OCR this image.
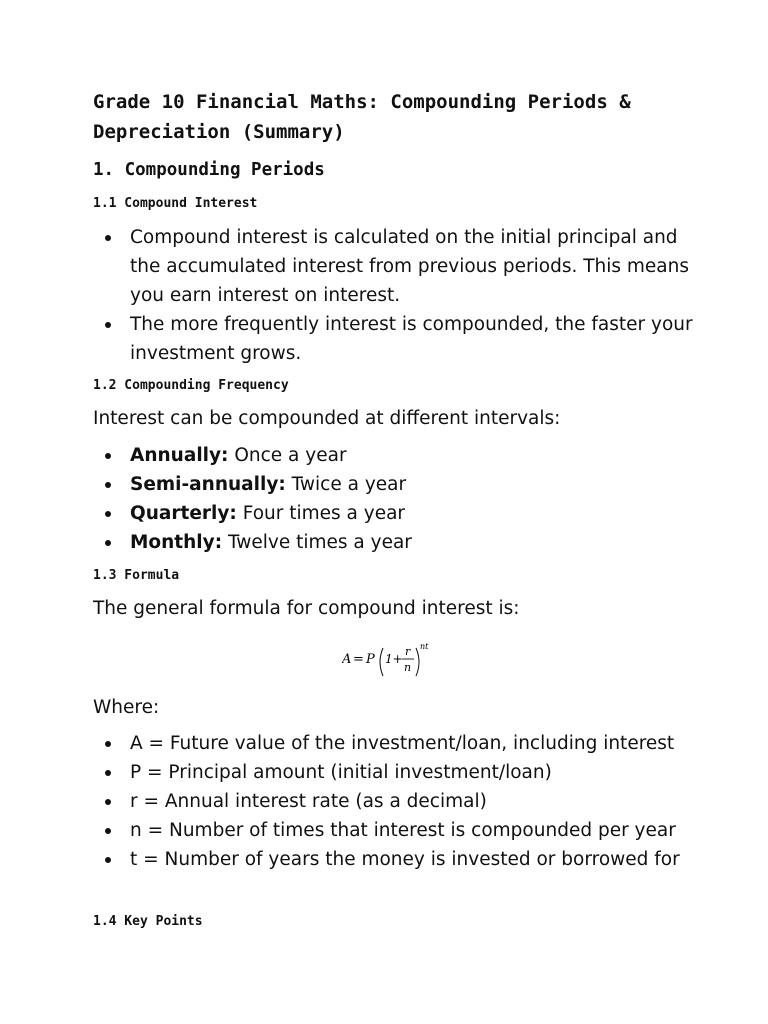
Grade 10 Financial Maths: Compounding Periods & Depreciation (Summary)
1. Compounding Periods
1.1 Compound Interest
Compound interest is calculated on the initial principal and the accumulated interest from previous periods. This means you earn interest on interest.
The more frequently interest is compounded, the faster your investment grows.
1.2 Compounding Frequency
Interest can be compounded at different intervals:
Annually: Once a year
Semi-annually: Twice a year
Quarterly: Four times a year
Monthly: Twelve times a year
1.3 Formula
The general formula for compound interest is:
A = P 1+
r
n
nt
Where:
A = Future value of the investment/loan, including interest
P = Principal amount (initial investment/loan)
r = Annual interest rate (as a decimal)
n = Number of times that interest is compounded per year
t = Number of years the money is invested or borrowed for
1.4 Key Points
